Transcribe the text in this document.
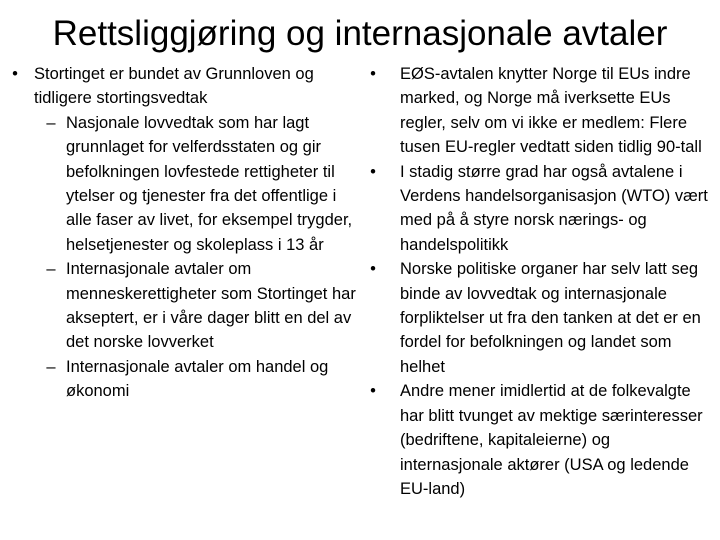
Rettsliggjøring og internasjonale avtaler
• Stortinget er bundet av Grunnloven og tidligere stortingsvedtak
– Nasjonale lovvedtak som har lagt grunnlaget for velferdsstaten og gir befolkningen lovfestede rettigheter til ytelser og tjenester fra det offentlige i alle faser av livet, for eksempel trygder, helsetjenester og skoleplass i 13 år
– Internasjonale avtaler om menneskerettigheter som Stortinget har akseptert, er i våre dager blitt en del av det norske lovverket
– Internasjonale avtaler om handel og økonomi
• EØS-avtalen knytter Norge til EUs indre marked, og Norge må iverksette EUs regler, selv om vi ikke er medlem: Flere tusen EU-regler vedtatt siden tidlig 90-tall
• I stadig større grad har også avtalene i Verdens handelsorganisasjon (WTO) vært med på å styre norsk nærings- og handelspolitikk
• Norske politiske organer har selv latt seg binde av lovvedtak og internasjonale forpliktelser ut fra den tanken at det er en fordel for befolkningen og landet som helhet
• Andre mener imidlertid at de folkevalgte har blitt tvunget av mektige særinteresser (bedriftene, kapitaleierne) og internasjonale aktører (USA og ledende EU-land)
